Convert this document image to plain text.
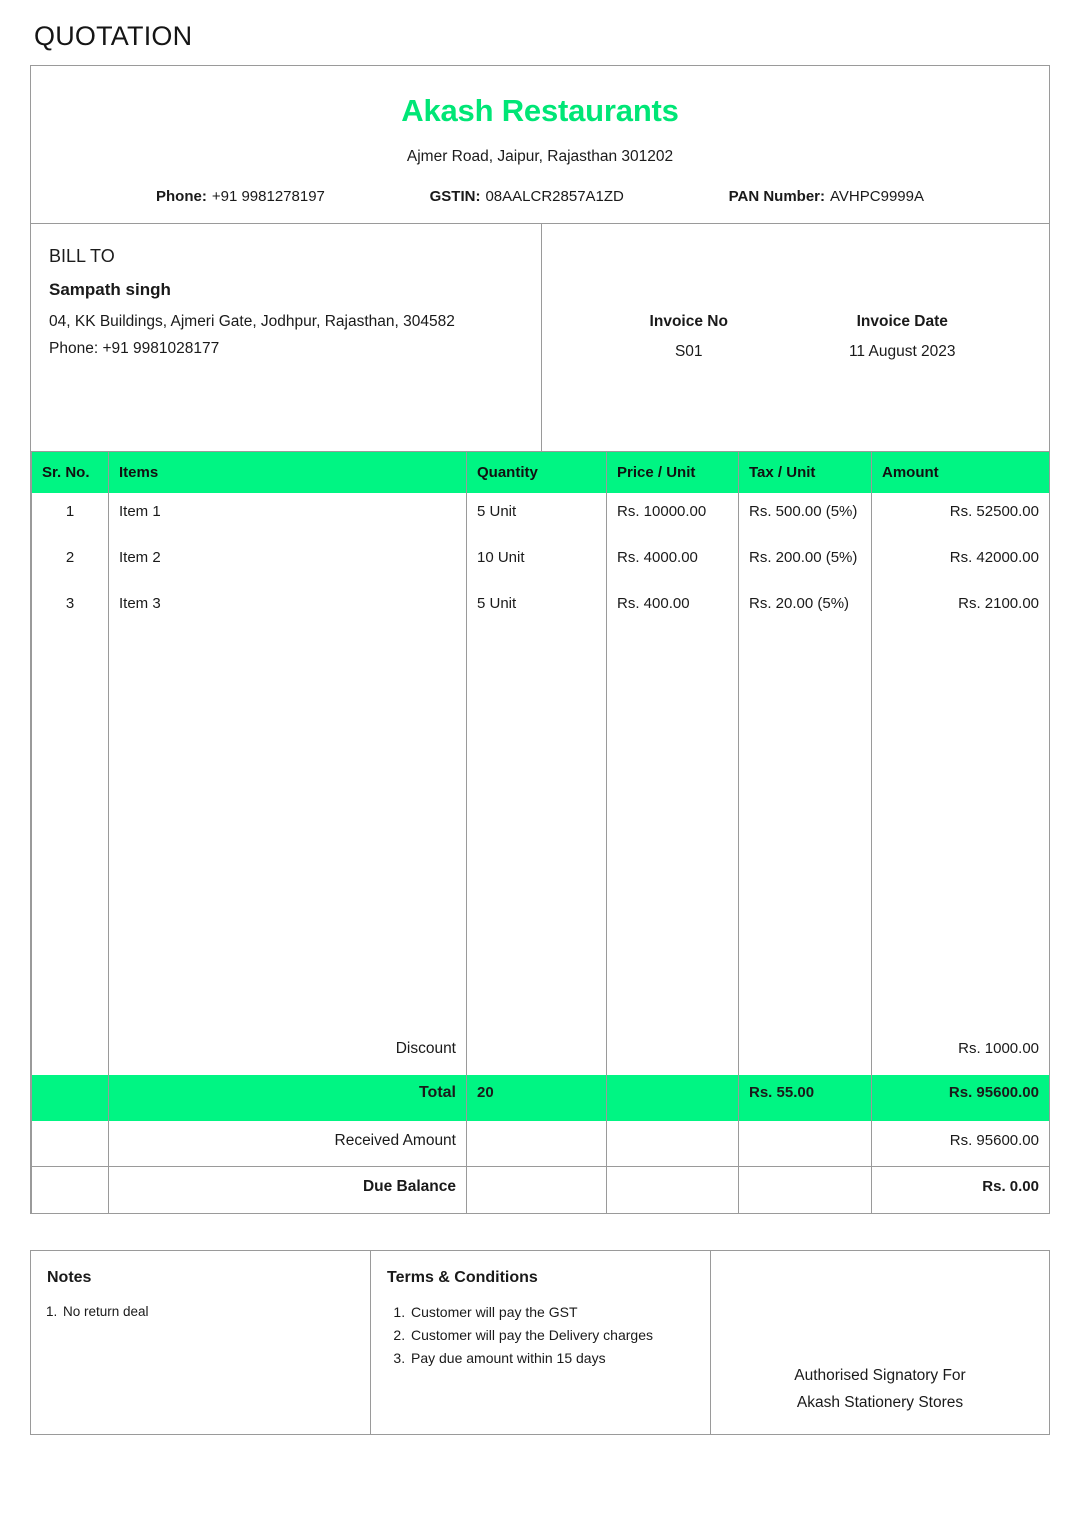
QUOTATION
Akash Restaurants
Ajmer Road, Jaipur, Rajasthan 301202
Phone: +91 9981278197	GSTIN: 08AALCR2857A1ZD	PAN Number: AVHPC9999A
BILL TO
Sampath singh
04, KK Buildings, Ajmeri Gate, Jodhpur, Rajasthan, 304582
Phone: +91 9981028177
Invoice No
S01
Invoice Date
11 August 2023
Sr. No.	Items	Quantity	Price / Unit	Tax / Unit	Amount
1	Item 1	5 Unit	Rs. 10000.00	Rs. 500.00 (5%)	Rs. 52500.00
2	Item 2	10 Unit	Rs. 4000.00	Rs. 200.00 (5%)	Rs. 42000.00
3	Item 3	5 Unit	Rs. 400.00	Rs. 20.00 (5%)	Rs. 2100.00

	Discount				Rs. 1000.00
	Total	20		Rs. 55.00	Rs. 95600.00
	Received Amount				Rs. 95600.00
	Due Balance				Rs. 0.00
Notes
1. No return deal
Terms & Conditions
1. Customer will pay the GST
2. Customer will pay the Delivery charges
3. Pay due amount within 15 days
Authorised Signatory For
Akash Stationery Stores
